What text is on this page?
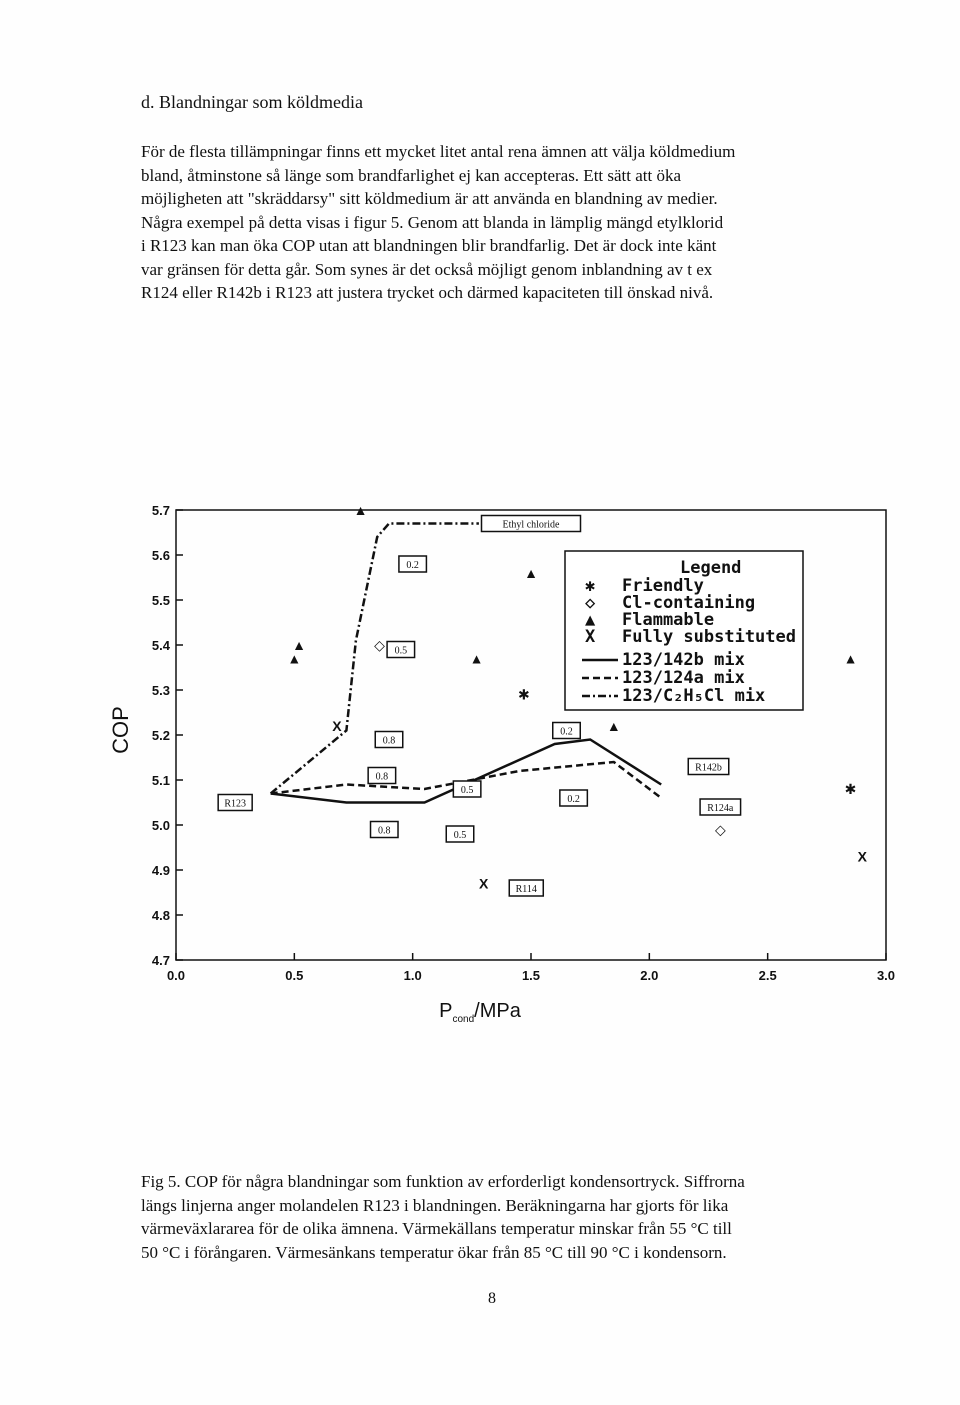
d. Blandningar som köldmedia
För de flesta tillämpningar finns ett mycket litet antal rena ämnen att välja köldmedium
bland, åtminstone så länge som brandfarlighet ej kan accepteras. Ett sätt att öka
möjligheten att "skräddarsy" sitt köldmedium är att använda en blandning av medier.
Några exempel på detta visas i figur 5. Genom att blanda in lämplig mängd etylklorid
i R123 kan man öka COP utan att blandningen blir brandfarlig. Det är dock inte känt
var gränsen för detta går. Som synes är det också möjligt genom inblandning av t ex
R124 eller R142b i R123 att justera trycket och därmed kapaciteten till önskad nivå.
COP
$P_{cond}$/MPa
0.0	0.5	1.0	1.5	2.0	2.5	3.0
4.7
4.8
4.9
5.0
5.1
5.2
5.3
5.4
5.5
5.6
5.7	▲
▲
▲
▲	▲
▲
▲
◇
◇
✱
✱
X
X
X
0.2
0.5
0.8
0.8
0.5
0.8	0.5
0.2
0.2
R123
R142b
R124a
R114
Ethyl chloride
Legend
✱ Friendly
◇ Cl-containing
▲ Flammable
X Fully substituted
123/142b mix
123/124a mix
123/C₂H₅Cl mix
Fig 5. COP för några blandningar som funktion av erforderligt kondensortryck. Siffrorna
längs linjerna anger molandelen R123 i blandningen. Beräkningarna har gjorts för lika
värmeväxlararea för de olika ämnena. Värmekällans temperatur minskar från 55 °C till
50 °C i förångaren. Värmesänkans temperatur ökar från 85 °C till 90 °C i kondensorn.
8
